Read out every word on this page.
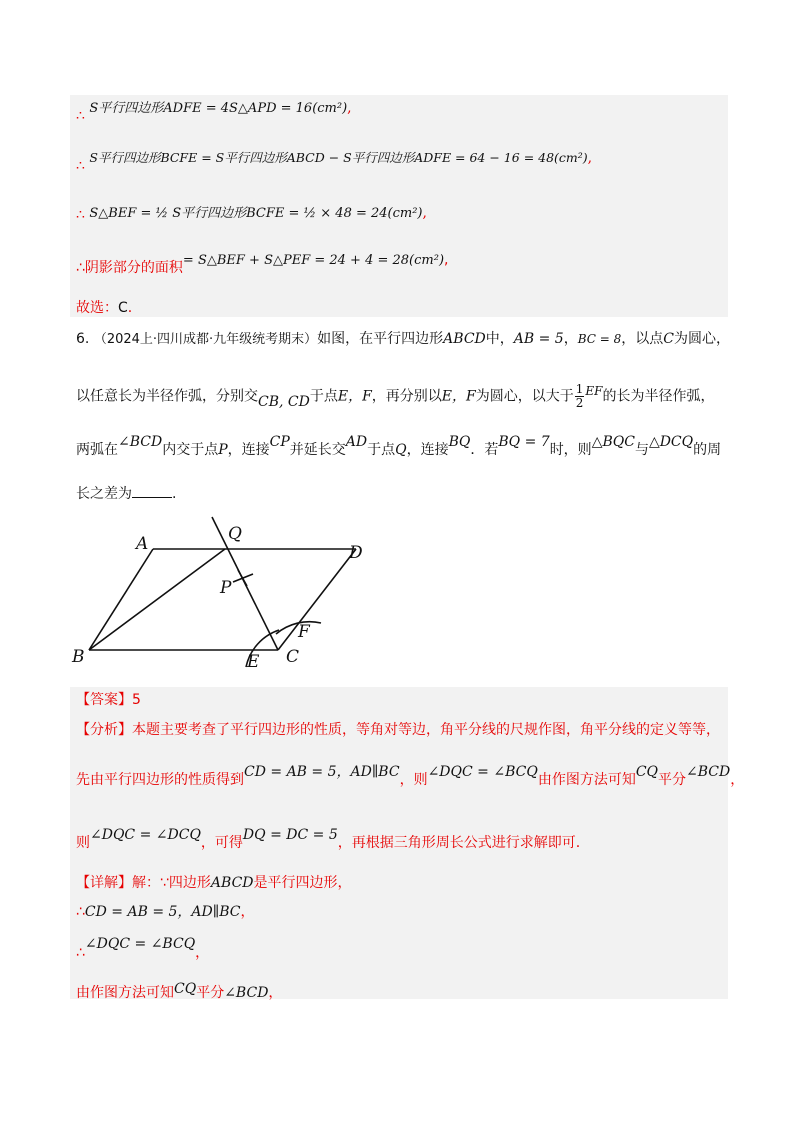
∴ S平行四边形ADFE = 4S△APD = 16(cm²),
∴ S平行四边形BCFE = S平行四边形ABCD − S平行四边形ADFE = 64 − 16 = 48(cm²),
∴ S△BEF = ½ S平行四边形BCFE = ½ × 48 = 24(cm²),
∴阴影部分的面积= S△BEF + S△PEF = 24 + 4 = 28(cm²),
故选：C.
6. （2024上·四川成都·九年级统考期末）如图，在平行四边形ABCD中，AB = 5，BC = 8，以点C为圆心，
以任意长为半径作弧，分别交CB, CD于点E，F，再分别以E，F为圆心，以大于 $\frac{1}{2}$ EF的长为半径作弧，
两弧在∠BCD内交于点P，连接CP并延长交AD于点Q，连接BQ．若BQ = 7时，则△BQC与△DCQ的周
长之差为	.
A	Q
D
P
B	E C
F
【答案】5
【分析】本题主要考查了平行四边形的性质，等角对等边，角平分线的尺规作图，角平分线的定义等等，
先由平行四边形的性质得到CD = AB = 5，AD∥BC，则∠DQC = ∠BCQ由作图方法可知CQ平分∠BCD，
则∠DQC = ∠DCQ，可得DQ = DC = 5，再根据三角形周长公式进行求解即可.
【详解】解：∵四边形ABCD是平行四边形，
∴CD = AB = 5，AD∥BC，
∴∠DQC = ∠BCQ，
由作图方法可知CQ平分∠BCD，
